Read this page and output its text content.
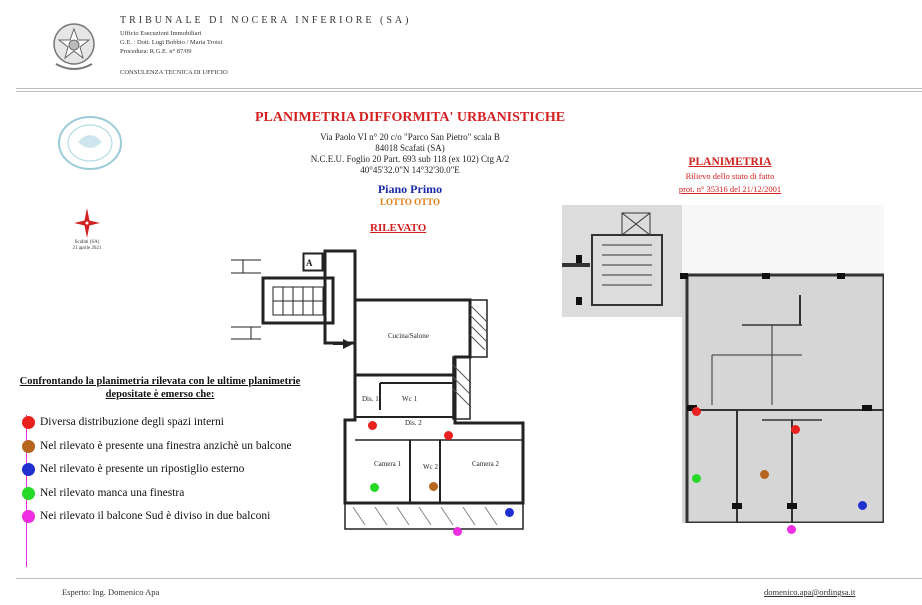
TRIBUNALE DI NOCERA INFERIORE (SA)
Ufficio Esecuzioni Immobiliari
G.E. : Dott. Lugi Bobbio / Maria Troisi
Procedura: R.G.E. n° 87/09
CONSULENZA TECNICA DI UFFICIO
PLANIMETRIA DIFFORMITA' URBANISTICHE
Via Paolo VI n° 20 c/o "Parco San Pietro" scala B
84018 Scafati (SA)
N.C.E.U. Foglio 20 Part. 693 sub 118 (ex 102) Ctg A/2
40°45'32.0"N 14°32'30.0"E
Piano Primo
LOTTO OTTO
RILEVATO
Scafati (SA)
21 aprile 2021
A
Cucina/Salone
Dis. 1	Wc 1
Dis. 2
Camera 1	Wc 2	Camera 2
PLANIMETRIA
Rilievo dello stato di fatto
prot. n° 35316 del 21/12/2001
Confrontando la planimetria rilevata con le ultime planimetrie depositate è emerso che:
Diversa distribuzione degli spazi interni
Nel rilevato è presente una finestra anzichè un balcone
Nel rilevato è presente un ripostiglio esterno
Nel rilevato manca una finestra
Nei rilevato il balcone Sud è diviso in due balconi
Esperto: Ing. Domenico Apa	domenico.apa@ordingsa.it
